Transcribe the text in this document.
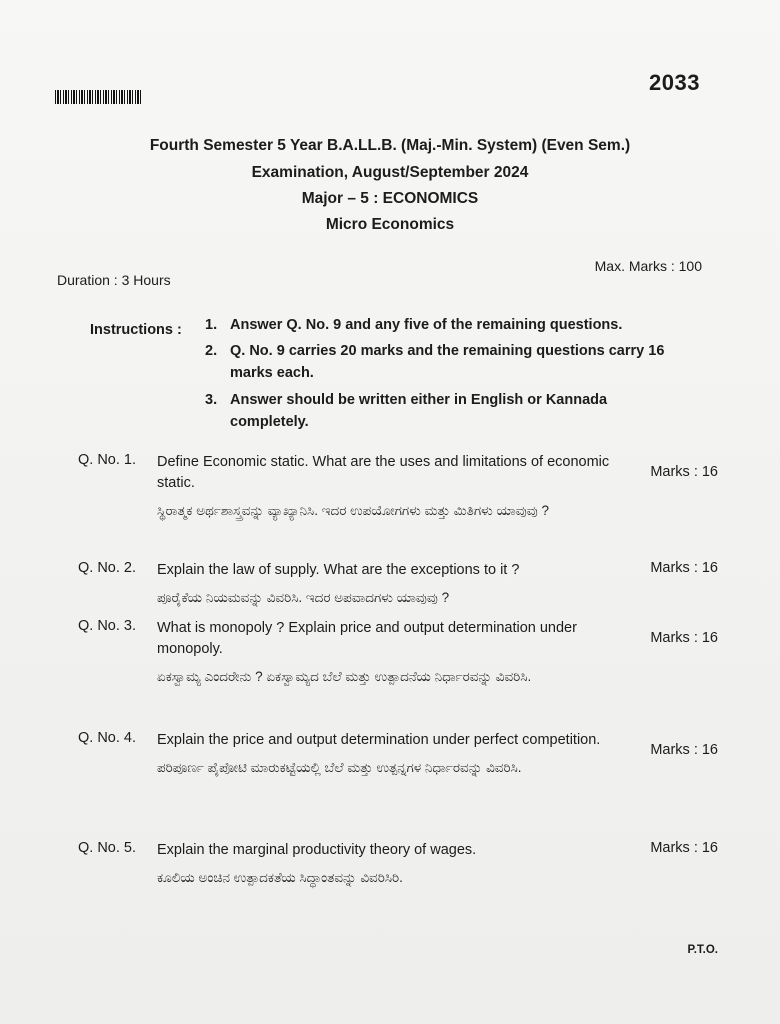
2033
Fourth Semester 5 Year B.A.LL.B. (Maj.-Min. System) (Even Sem.)
Examination, August/September 2024
Major – 5 : ECONOMICS
Micro Economics
Duration : 3 Hours
Max. Marks : 100
Instructions : 1. Answer Q. No. 9 and any five of the remaining questions.
2. Q. No. 9 carries 20 marks and the remaining questions carry 16 marks each.
3. Answer should be written either in English or Kannada completely.
Q. No. 1. Define Economic static. What are the uses and limitations of economic static.
ಸ್ಥಿರಾತ್ಮಕ ಅರ್ಥಶಾಸ್ತ್ರವನ್ನು ವ್ಯಾಖ್ಯಾನಿಸಿ. ಇದರ ಉಪಯೋಗಗಳು ಮತ್ತು ಮಿತಿಗಳು ಯಾವುವು ?
Marks : 16
Q. No. 2. Explain the law of supply. What are the exceptions to it ?
ಪೂರೈಕೆಯ ನಿಯಮವನ್ನು ವಿವರಿಸಿ. ಇದರ ಅಪವಾದಗಳು ಯಾವುವು ?
Marks : 16
Q. No. 3. What is monopoly ? Explain price and output determination under monopoly.
ಏಕಸ್ವಾಮ್ಯ ಎಂದರೇನು ? ಏಕಸ್ವಾಮ್ಯದ ಬೆಲೆ ಮತ್ತು ಉತ್ಪಾದನೆಯ ನಿರ್ಧಾರವನ್ನು ವಿವರಿಸಿ.
Marks : 16
Q. No. 4. Explain the price and output determination under perfect competition.
ಪರಿಪೂರ್ಣ ಪೈಪೋಟಿ ಮಾರುಕಟ್ಟೆಯಲ್ಲಿ ಬೆಲೆ ಮತ್ತು ಉತ್ಪನ್ನಗಳ ನಿರ್ಧಾರವನ್ನು ವಿವರಿಸಿ.
Marks : 16
Q. No. 5. Explain the marginal productivity theory of wages.
ಕೂಲಿಯ ಅಂಚಿನ ಉತ್ಪಾದಕತೆಯ ಸಿದ್ಧಾಂತವನ್ನು ವಿವರಿಸಿರಿ.
Marks : 16
P.T.O.
